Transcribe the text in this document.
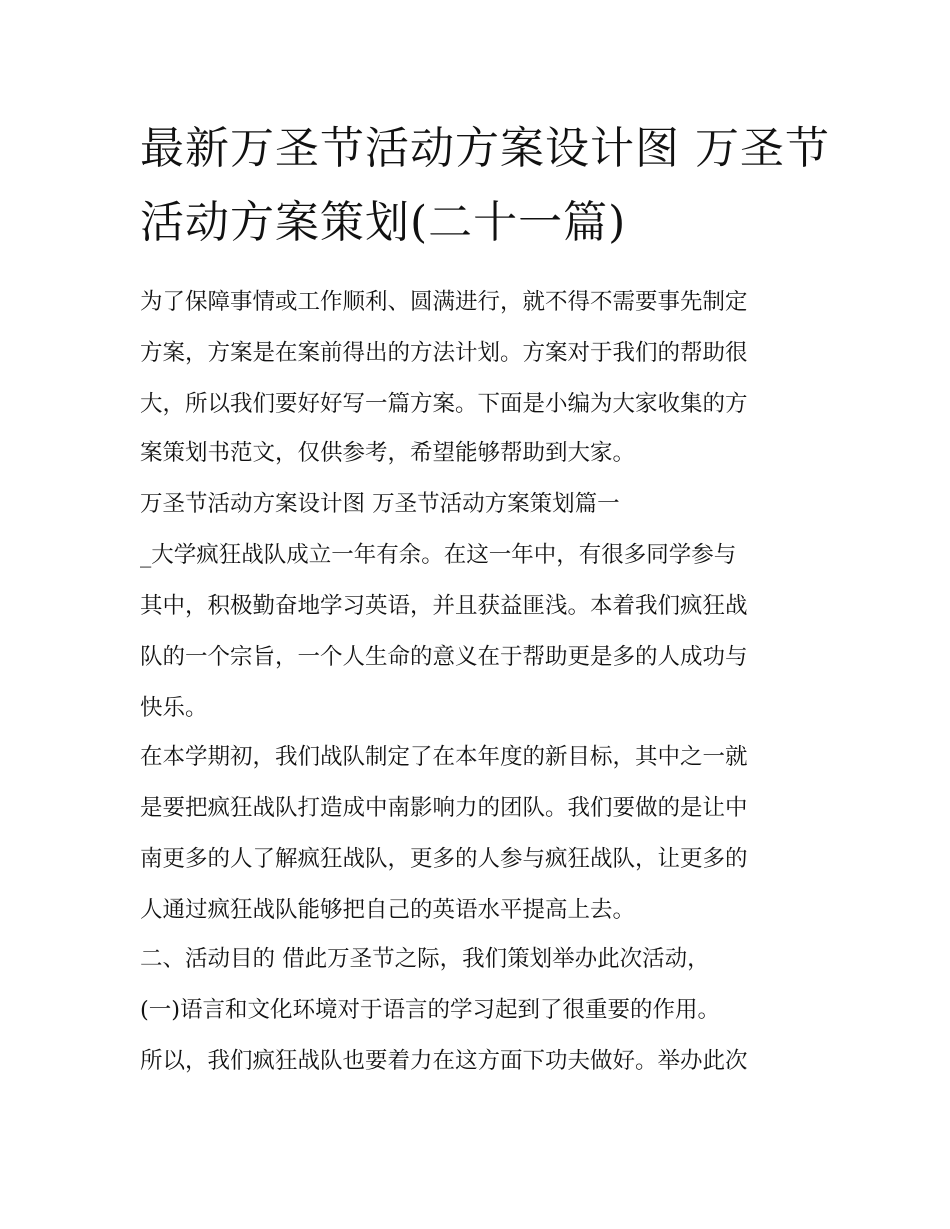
最新万圣节活动方案设计图 万圣节活动方案策划(二十一篇)
为了保障事情或工作顺利、圆满进行，就不得不需要事先制定
方案，方案是在案前得出的方法计划。方案对于我们的帮助很
大，所以我们要好好写一篇方案。下面是小编为大家收集的方
案策划书范文，仅供参考，希望能够帮助到大家。
万圣节活动方案设计图 万圣节活动方案策划篇一
_大学疯狂战队成立一年有余。在这一年中，有很多同学参与
其中，积极勤奋地学习英语，并且获益匪浅。本着我们疯狂战
队的一个宗旨，一个人生命的意义在于帮助更是多的人成功与
快乐。
在本学期初，我们战队制定了在本年度的新目标，其中之一就
是要把疯狂战队打造成中南影响力的团队。我们要做的是让中
南更多的人了解疯狂战队，更多的人参与疯狂战队，让更多的
人通过疯狂战队能够把自己的英语水平提高上去。
二、活动目的 借此万圣节之际，我们策划举办此次活动，
(一)语言和文化环境对于语言的学习起到了很重要的作用。
所以，我们疯狂战队也要着力在这方面下功夫做好。举办此次
